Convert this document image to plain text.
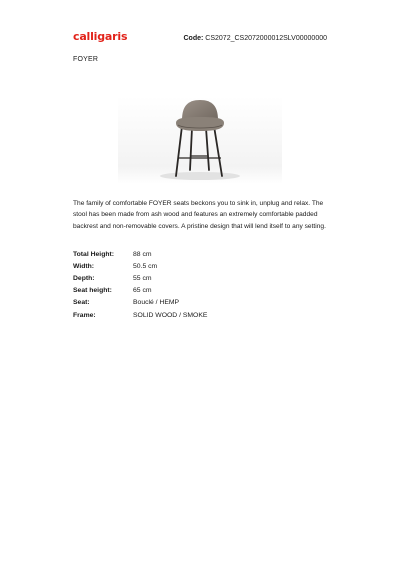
calligaris	Code: CS2072_CS2072000012SLV00000000
FOYER
The family of comfortable FOYER seats beckons you to sink in, unplug and relax. The stool has been made from ash wood and features an extremely comfortable padded backrest and non-removable covers. A pristine design that will lend itself to any setting.
Total Height:	88 cm
Width:	50.5 cm
Depth:	55 cm
Seat height:	65 cm
Seat:	Bouclé / HEMP
Frame:	SOLID WOOD / SMOKE
